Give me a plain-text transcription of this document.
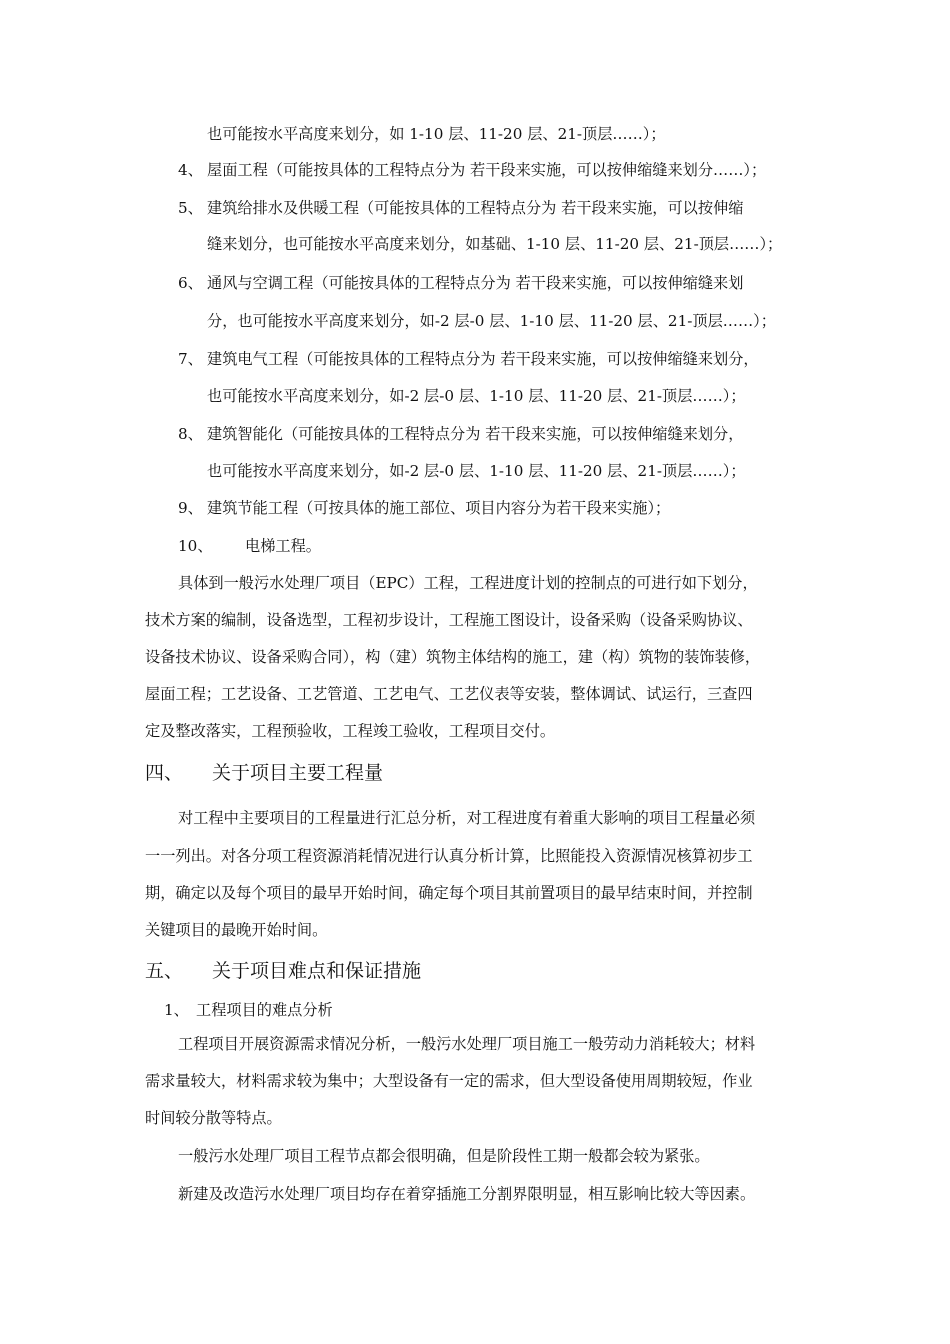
也可能按水平高度来划分，如 1-10 层、11-20 层、21-顶层……）；
4、 屋面工程（可能按具体的工程特点分为 若干段来实施，可以按伸缩缝来划分……）；
5、 建筑给排水及供暖工程（可能按具体的工程特点分为 若干段来实施，可以按伸缩
缝来划分，也可能按水平高度来划分，如基础、1-10 层、11-20 层、21-顶层……）；
6、 通风与空调工程（可能按具体的工程特点分为 若干段来实施，可以按伸缩缝来划
分，也可能按水平高度来划分，如-2 层-0 层、1-10 层、11-20 层、21-顶层……）；
7、 建筑电气工程（可能按具体的工程特点分为 若干段来实施，可以按伸缩缝来划分，
也可能按水平高度来划分，如-2 层-0 层、1-10 层、11-20 层、21-顶层……）；
8、 建筑智能化（可能按具体的工程特点分为 若干段来实施，可以按伸缩缝来划分，
也可能按水平高度来划分，如-2 层-0 层、1-10 层、11-20 层、21-顶层……）；
9、 建筑节能工程（可按具体的施工部位、项目内容分为若干段来实施）；
10、 电梯工程。
具体到一般污水处理厂项目（EPC）工程，工程进度计划的控制点的可进行如下划分，
技术方案的编制，设备选型，工程初步设计，工程施工图设计，设备采购（设备采购协议、
设备技术协议、设备采购合同），构（建）筑物主体结构的施工，建（构）筑物的装饰装修，
屋面工程；工艺设备、工艺管道、工艺电气、工艺仪表等安装，整体调试、试运行，三查四
定及整改落实，工程预验收，工程竣工验收，工程项目交付。
四、 关于项目主要工程量
对工程中主要项目的工程量进行汇总分析，对工程进度有着重大影响的项目工程量必须
一一列出。对各分项工程资源消耗情况进行认真分析计算，比照能投入资源情况核算初步工
期，确定以及每个项目的最早开始时间，确定每个项目其前置项目的最早结束时间，并控制
关键项目的最晚开始时间。
五、 关于项目难点和保证措施
1、 工程项目的难点分析
工程项目开展资源需求情况分析，一般污水处理厂项目施工一般劳动力消耗较大；材料
需求量较大，材料需求较为集中；大型设备有一定的需求，但大型设备使用周期较短，作业
时间较分散等特点。
一般污水处理厂项目工程节点都会很明确，但是阶段性工期一般都会较为紧张。
新建及改造污水处理厂项目均存在着穿插施工分割界限明显，相互影响比较大等因素。
